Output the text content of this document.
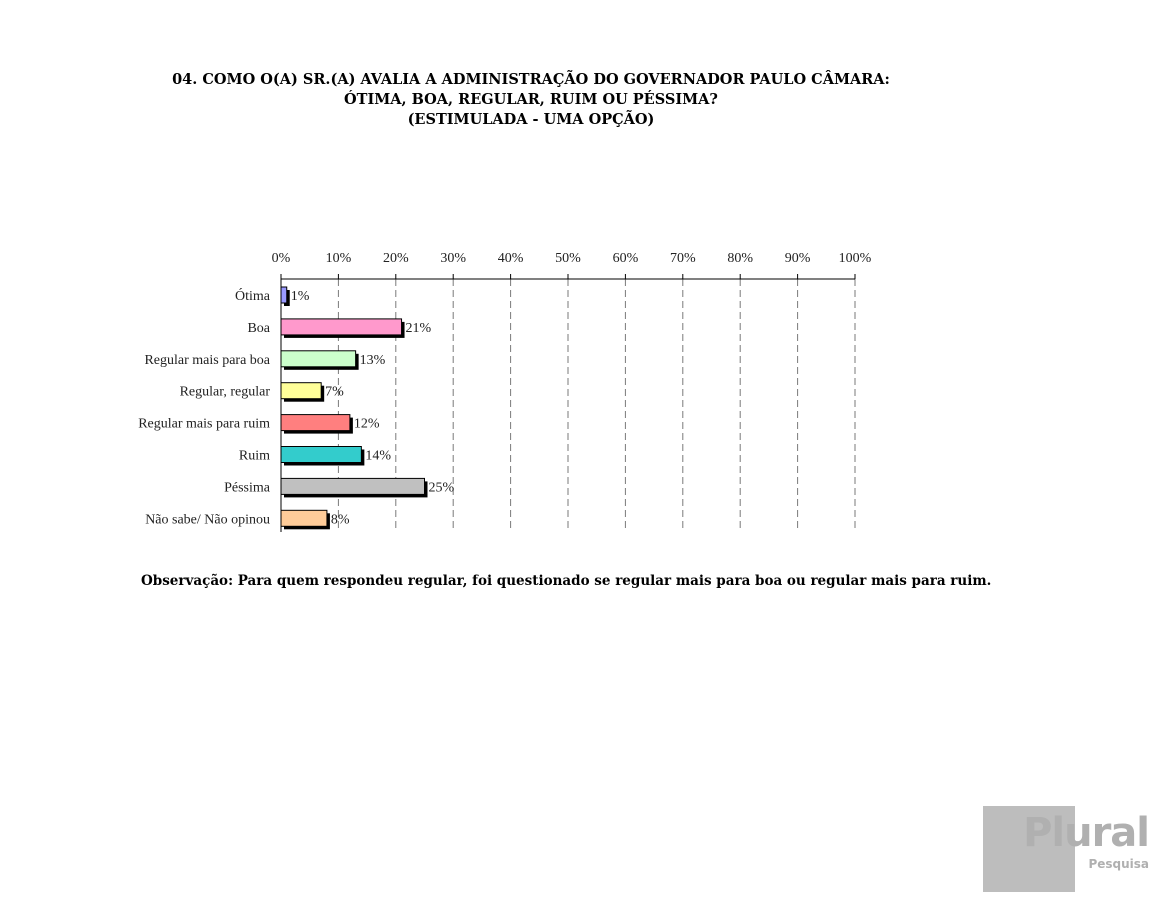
04. COMO O(A) SR.(A) AVALIA A ADMINISTRAÇÃO DO GOVERNADOR PAULO CÂMARA:
ÓTIMA, BOA, REGULAR, RUIM OU PÉSSIMA?
(ESTIMULADA - UMA OPÇÃO)
0%	10% 20% 30% 40% 50% 60% 70% 80% 90% 100%
Ótima 1%
Boa	21%
Regular mais para boa	13%
Regular, regular	7%
Regular mais para ruim	12%
Ruim	14%
Péssima	25%
Não sabe/ Não opinou	8%
Observação: Para quem respondeu regular, foi questionado se regular mais para boa ou regular mais para ruim.
Plural
Pesquisa
